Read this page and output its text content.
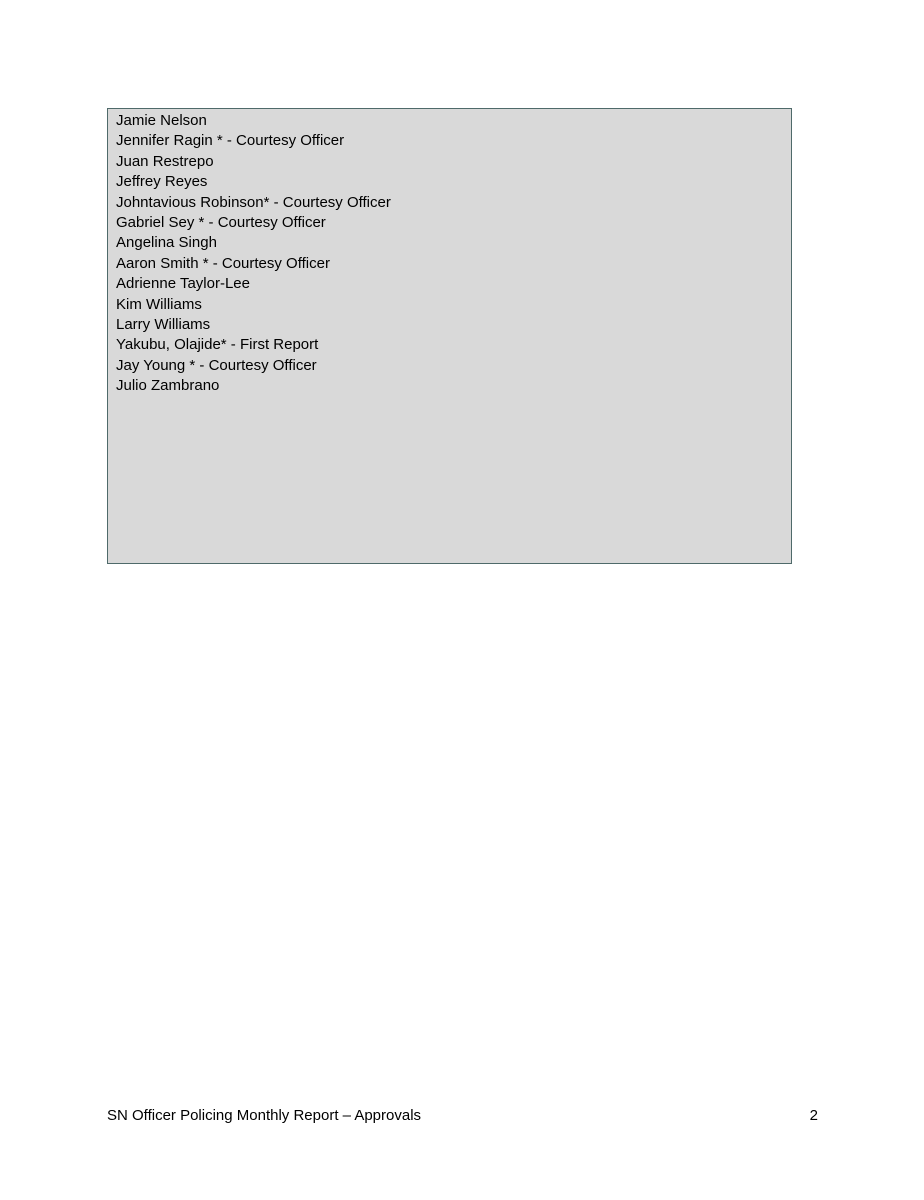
Jamie Nelson
Jennifer Ragin * - Courtesy Officer
Juan Restrepo
Jeffrey Reyes
Johntavious Robinson* - Courtesy Officer
Gabriel Sey * - Courtesy Officer
Angelina Singh
Aaron Smith * - Courtesy Officer
Adrienne Taylor-Lee
Kim Williams
Larry Williams
Yakubu, Olajide* - First Report
Jay Young * - Courtesy Officer
Julio Zambrano
SN Officer Policing Monthly Report – Approvals	2
